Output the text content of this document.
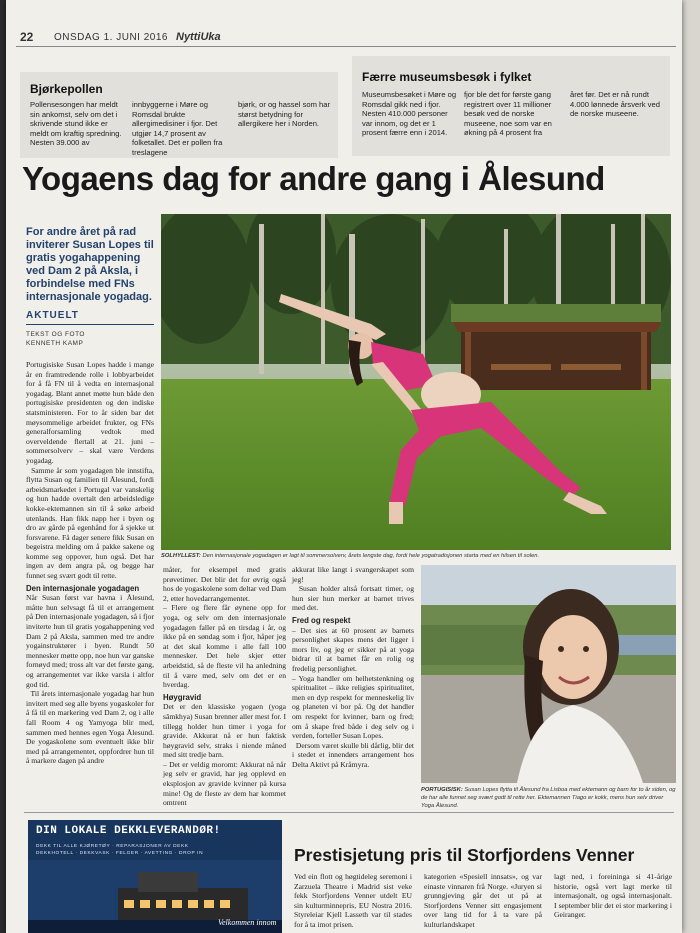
22 ONSDAG 1. JUNI 2016 NyttiUka
Bjørkepollen
Pollensesongen har meldt sin ankomst, selv om det i skrivende stund ikke er meldt om kraftig spredning. Nesten 39.000 av
innbyggerne i Møre og Romsdal brukte allergimedisiner i fjor. Det utgjør 14,7 prosent av folketallet. Det er pollen fra treslagene
bjørk, or og hassel som har størst betydning for allergikere her i Norden.
Færre museumsbesøk i fylket
Museumsbesøket i Møre og Romsdal gikk ned i fjor. Nesten 410.000 personer var innom, og det er 1 prosent færre enn i 2014.
fjor ble det for første gang registrert over 11 millioner besøk ved de norske museene, noe som var en økning på 4 prosent fra
året før. Det er nå rundt 4.000 lønnede årsverk ved de norske museene.
Yogaens dag for andre gang i Ålesund
For andre året på rad inviterer Susan Lopes til gratis yogahappening ved Dam 2 på Aksla, i forbindelse med FNs internasjonale yogadag.
AKTUELT
TEKST OG FOTO
KENNETH KAMP
SOLHYLLEST: Den internasjonale yogadagen er lagt til sommersolverv, årets lengste dag, fordi hele yogatradisjonen starta med en hilsen til solen.
Portugisiske Susan Lopes hadde i mange år en framtredende rolle i lobbyarbeidet for å få FN til å vedta en internasjonal yogadag. Blant annet møtte hun både den portugisiske presidenten og den indiske statsministeren. For to år siden bar det møysommelige arbeidet frukter, og FNs generalforsamling vedtok med overveldende flertall at 21. juni – sommersolverv – skal være Verdens yogadag.
Samme år som yogadagen ble innstifta, flytta Susan og familien til Ålesund, fordi arbeidsmarkedet i Portugal var vanskelig og hun hadde overtalt den arbeidsledige kokke-ektemannen sin til å søke arbeid utenlands. Han fikk napp her i byen og dro av gårde på egenhånd for å sjekke ut forsvarene. Få dager senere fikk Susan en begeistra melding om å pakke sakene og komme seg oppover, hun også. Det har ingen av dem angra på, og begge har funnet seg svært godt til rette.
Den internasjonale yogadagen
Når Susan først var havna i Ålesund, måtte hun selvsagt få til et arrangement på Den internasjonale yogadagen, så i fjor inviterte hun til gratis yogahappening ved Dam 2 på Aksla, sammen med tre andre yogainstruktører i byen. Rundt 50 mennesker møtte opp, noe hun var ganske fornøyd med; tross alt var det første gang, og arrangementet var ikke varsla i altfor god tid.
Til årets internasjonale yogadag har hun invitert med seg alle byens yogaskoler for å få til en markering ved Dam 2, og i alle fall Room 4 og Yamyoga blir med, sammen med hennes egen Yoga Ålesund. De yogaskolene som eventuelt ikke blir med på arrangementet, oppfordrer hun til å markere dagen på andre
måter, for eksempel med gratis prøvetimer. Det blir det for øvrig også hos de yogaskolene som deltar ved Dam 2, etter hovedarrangementet.
– Flere og flere får øynene opp for yoga, og selv om den internasjonale yogadagen faller på en tirsdag i år, og ikke på en søndag som i fjor, håper jeg at det skal komme i alle fall 100 mennesker. Det hele skjer etter arbeidstid, så de fleste vil ha anledning til å være med, selv om det er en hverdag.
Høygravid
Det er den klassiske yogaen (yoga sâmkhya) Susan brenner aller mest for. I tillegg holder hun timer i yoga for gravide. Akkurat nå er hun faktisk høygravid selv, straks i niende måned med sitt tredje barn.
– Det er veldig moromt: Akkurat nå når jeg selv er gravid, har jeg opplevd en eksplosjon av gravide kvinner på kursa mine! Og de fleste av dem har kommet omtrent
akkurat like langt i svangerskapet som jeg!
Susan holder altså fortsatt timer, og hun sier hun merker at barnet trives med det.
Fred og respekt
– Det sies at 60 prosent av barnets personlighet skapes mens det ligger i mors liv, og jeg er sikker på at yoga bidrar til at barnet får en rolig og fredelig personlighet.
– Yoga handler om helhetstenkning og spiritualitet – ikke religiøs spiritualitet, men en dyp respekt for menneskelig liv og planeten vi bor på. Og det handler om respekt for kvinner, barn og fred; om å skape fred både i deg selv og i verden, forteller Susan Lopes.
Dersom været skulle bli dårlig, blir det i stedet et innendørs arrangement hos Delta Aktivt på Kråmyra.
PORTUGISISK: Susan Lopes flytta til Ålesund fra Lisboa med ektemann og barn for to år siden, og de har alle funnet seg svært godt til rette her. Ektemannen Tiago er kokk, mens hun selv driver Yoga Ålesund.
DIN LOKALE DEKKLEVERANDØR!
DEKK TIL ALLE KJØRETØY · REPARASJONER AV DEKK
DEKKHOTELL · DEKKVASK · FELGER · AVETTING · DROP IN
Velkommen innom
Prestisjetung pris til Storfjordens Venner
Ved ein flott og høgtideleg seremoni i Zarzuela Theatre i Madrid sist veke fekk Storfjordens Venner utdelt EU sin kulturminnepris, EU Nostra 2016. Styreleiar Kjell Lasseth var til stades for å ta imot prisen.
kategorien «Spesiell innsats», og var einaste vinnaren frå Norge. «Juryen si grunngjeving går det ut på at Storfjordens Venner sitt engasjement over lang tid for å ta vare på kulturlandskapet
lagt ned, i foreininga si 41-årige historie, også vert lagt merke til internasjonalt, og også internasjonalt. I september blir det ei stor markering i Geiranger.
